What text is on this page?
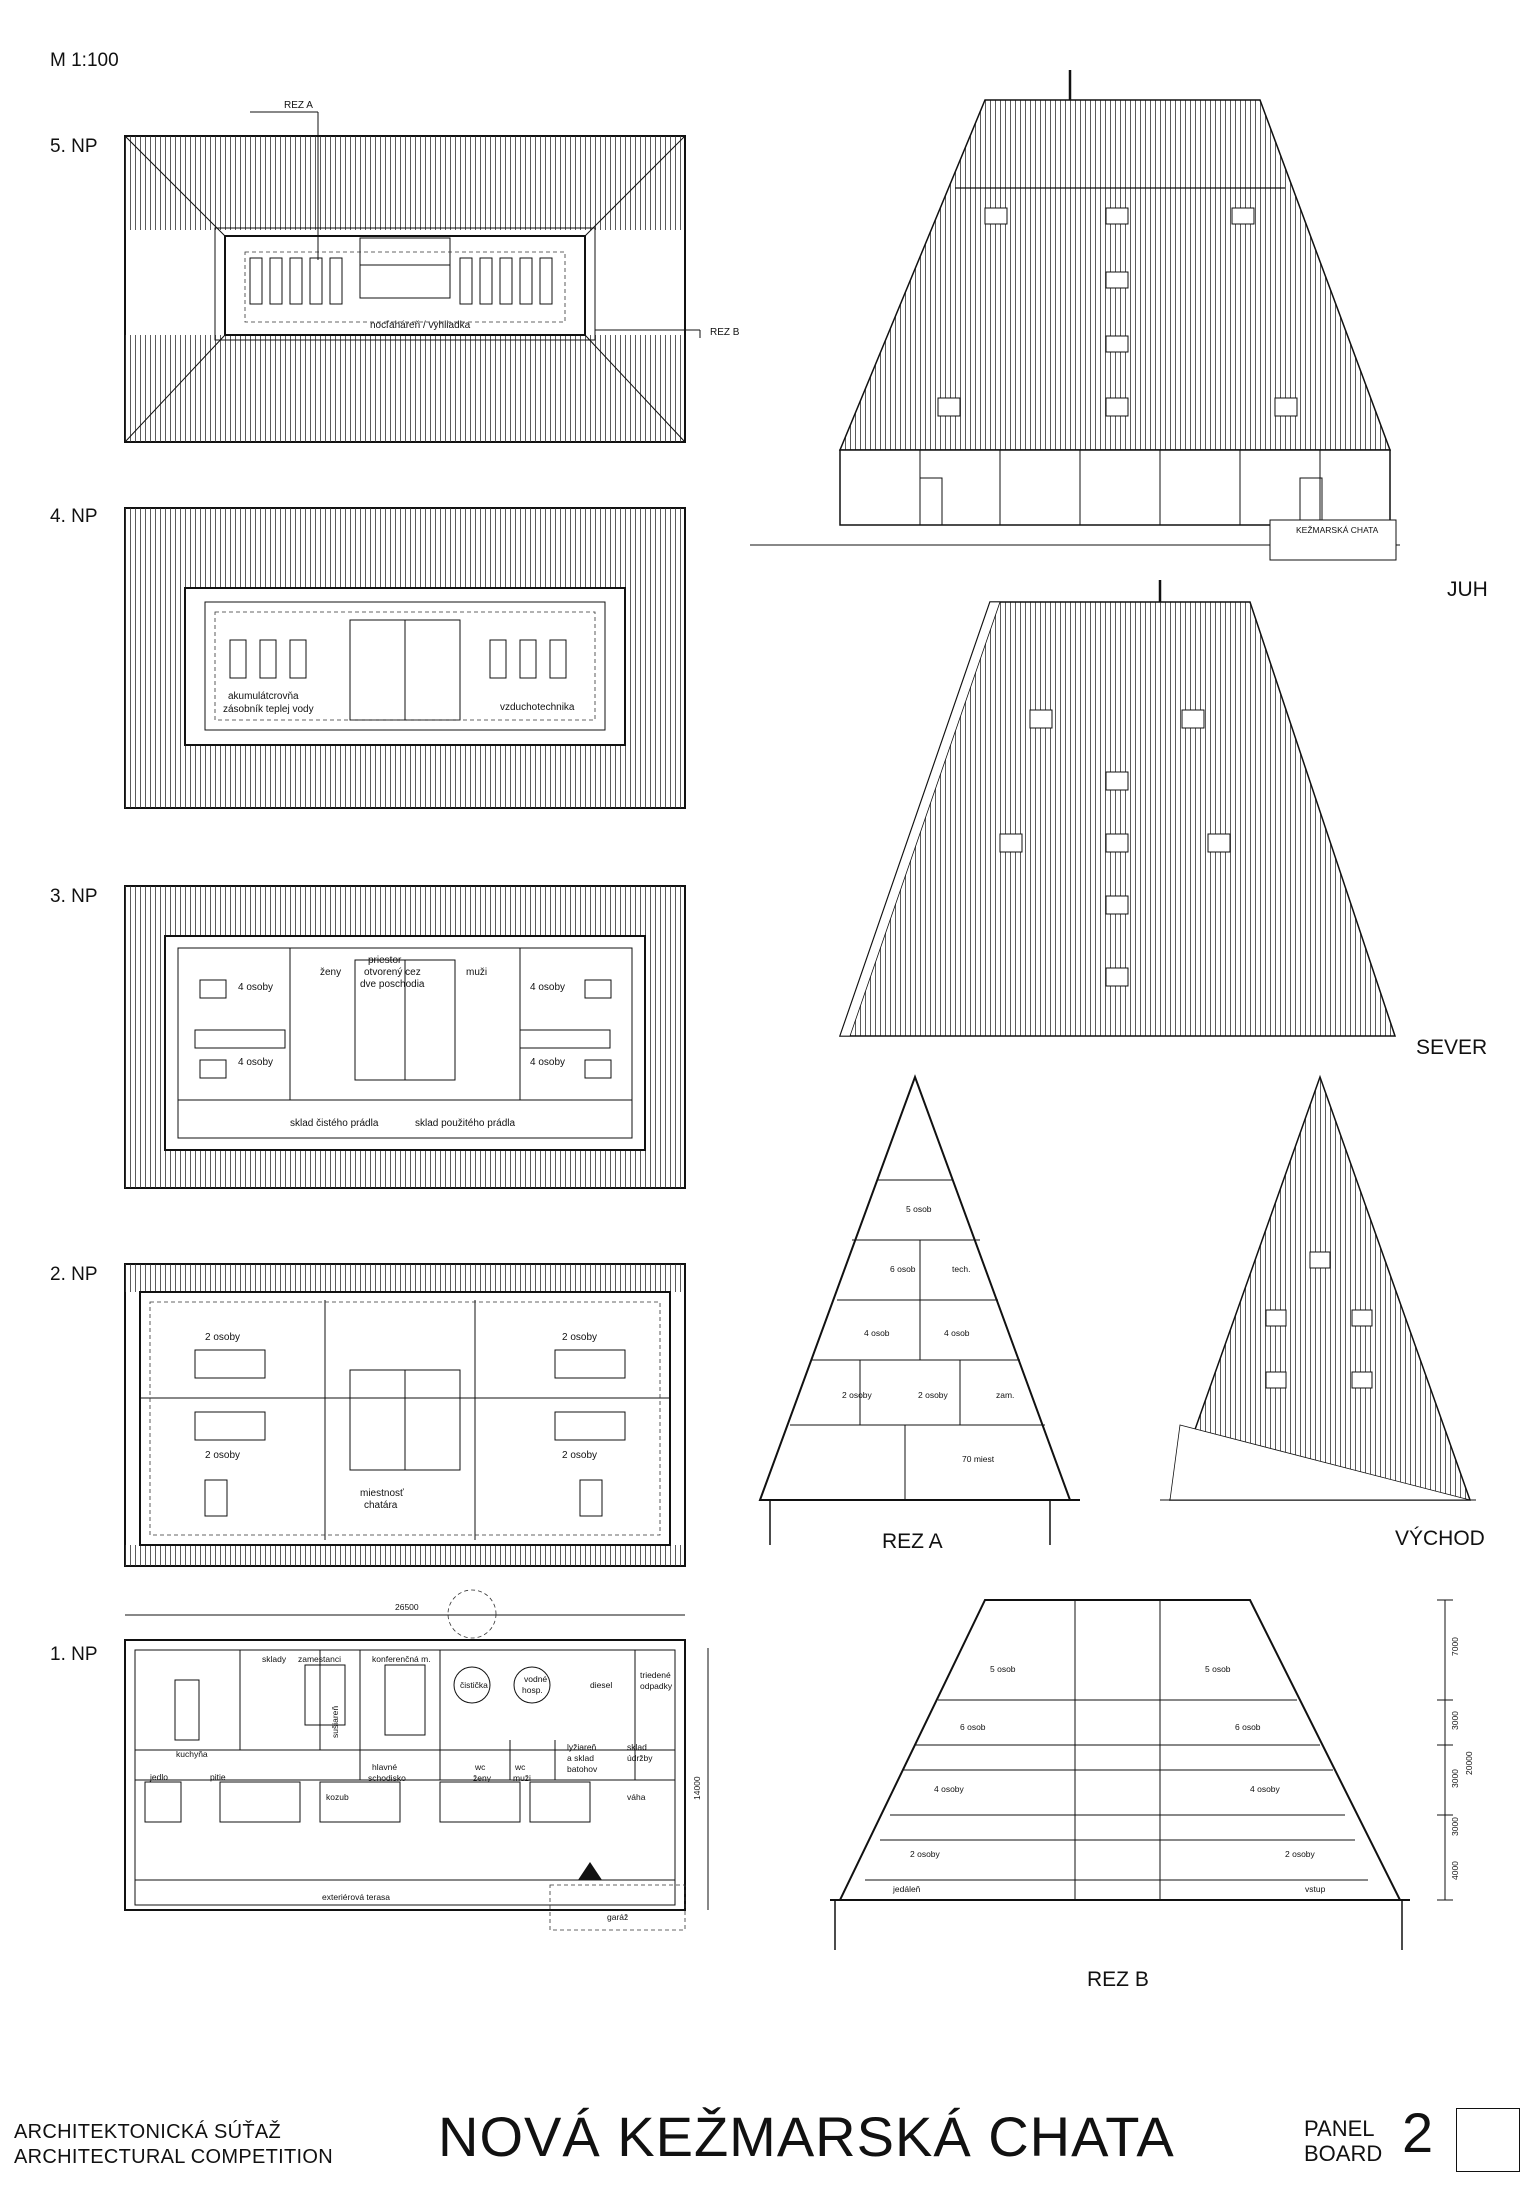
M 1:100
5. NP
nocľaháreň / vyhliadka
REZ A
REZ B
4. NP
akumulátcrovňa
zásobník teplej vody	vzduchotechnika
3. NP
4 osoby
4 osoby
4 osoby
4 osoby
ženy	muži
priestor
otvorený cez
dve poschodia
sklad čistého prádla	sklad použitého prádla
2. NP
2 osoby
2 osoby
2 osoby
2 osoby
miestnosť
chatára
1. NP
26500
14000
sklady zamestanci	konferenčná m.
čistička
vodné
hosp.	diesel
triedené
odpadky
kuchyňa
sušiareň
hlavné
schodisko
wc
ženy
wc
muži
lyžiareň
a sklad
batohov
sklad
údržby
jedlo	pitie
váha
kozub
exteriérová terasa
garáž
KEŽMARSKÁ CHATA
JUH
SEVER
5 osob
6 osob	tech.
4 osob	4 osob
2 osoby	2 osoby	zam.
70 miest
REZ A	VÝCHOD
5 osob	5 osob
6 osob	6 osob
4 osoby	4 osoby
2 osoby	2 osoby
jedáleň	vstup
7000
3000
3000
3000
4000
20000
REZ B
ARCHITEKTONICKÁ SÚŤAŽ
ARCHITECTURAL COMPETITION NOVÁ KEŽMARSKÁ CHATA	PANEL
BOARD 2
